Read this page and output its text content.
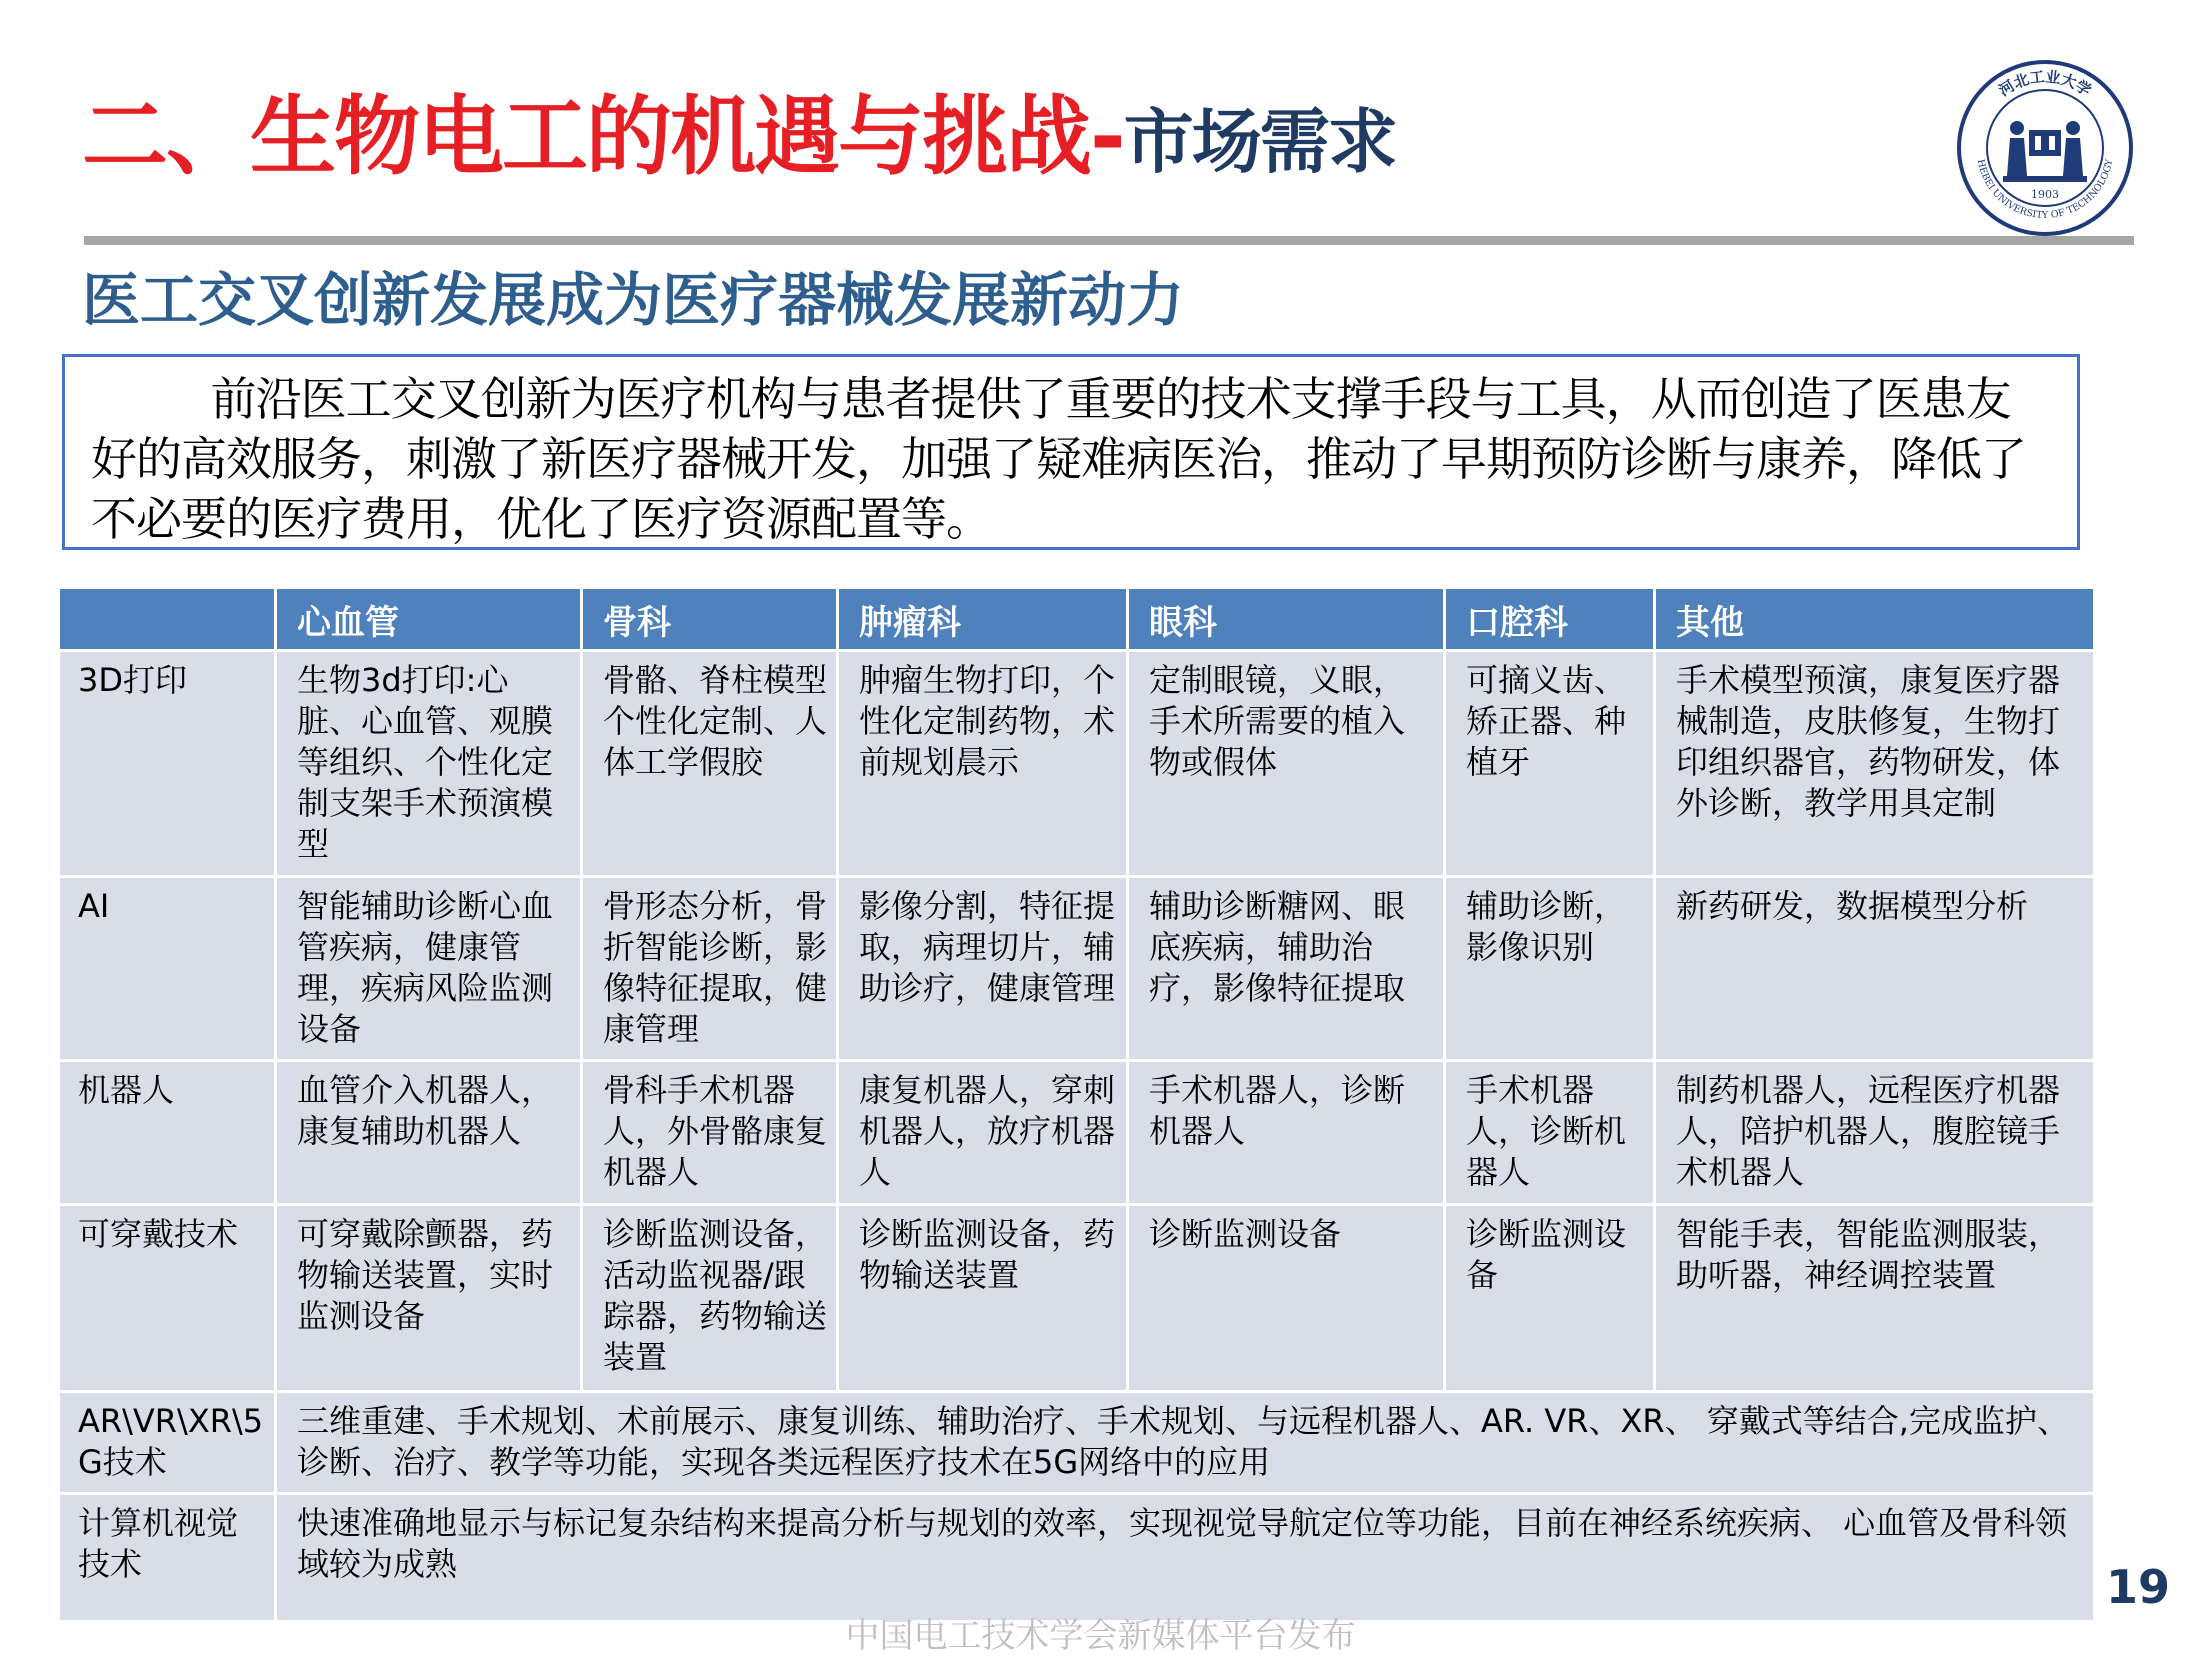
二、生物电工的机遇与挑战-市场需求
河北工业大学
HEBEI UNIVERSITY OF TECHNOLOGY
1903
医工交叉创新发展成为医疗器械发展新动力
前沿医工交叉创新为医疗机构与患者提供了重要的技术支撑手段与工具，从而创造了医患友好的高效服务，刺激了新医疗器械开发，加强了疑难病医治，推动了早期预防诊断与康养，降低了不必要的医疗费用，优化了医疗资源配置等。
	心血管	骨科	肿瘤科	眼科	口腔科	其他
3D打印	生物3d打印:心脏、心血管、观膜等组织、个性化定制支架手术预演模型	骨骼、脊柱模型个性化定制、人体工学假胶	肿瘤生物打印，个性化定制药物，术前规划晨示	定制眼镜，义眼，手术所需要的植入物或假体	可摘义齿、矫正器、种植牙	手术模型预演，康复医疗器械制造，皮肤修复，生物打印组织器官，药物研发，体外诊断，教学用具定制
AI	智能辅助诊断心血管疾病，健康管理，疾病风险监测设备	骨形态分析，骨折智能诊断，影像特征提取，健康管理	影像分割，特征提取，病理切片，辅助诊疗，健康管理	辅助诊断糖网、眼底疾病，辅助治疗，影像特征提取	辅助诊断，影像识别	新药研发，数据模型分析
机器人	血管介入机器人，康复辅助机器人	骨科手术机器人，外骨骼康复机器人	康复机器人，穿刺机器人，放疗机器人	手术机器人，诊断机器人	手术机器人，诊断机器人	制药机器人，远程医疗机器人，陪护机器人，腹腔镜手术机器人
可穿戴技术	可穿戴除颤器，药物输送装置，实时监测设备	诊断监测设备，活动监视器/跟踪器，药物输送装置	诊断监测设备，药物输送装置	诊断监测设备	诊断监测设备	智能手表，智能监测服装，助听器，神经调控装置
AR\VR\XR\5G技术	三维重建、手术规划、术前展示、康复训练、辅助治疗、手术规划、与远程机器人、AR. VR、XR、 穿戴式等结合,完成监护、诊断、治疗、教学等功能，实现各类远程医疗技术在5G网络中的应用					
计算机视觉技术	快速准确地显示与标记复杂结构来提高分析与规划的效率，实现视觉导航定位等功能，目前在神经系统疾病、 心血管及骨科领域较为成熟						19
中国电工技术学会新媒体平台发布
